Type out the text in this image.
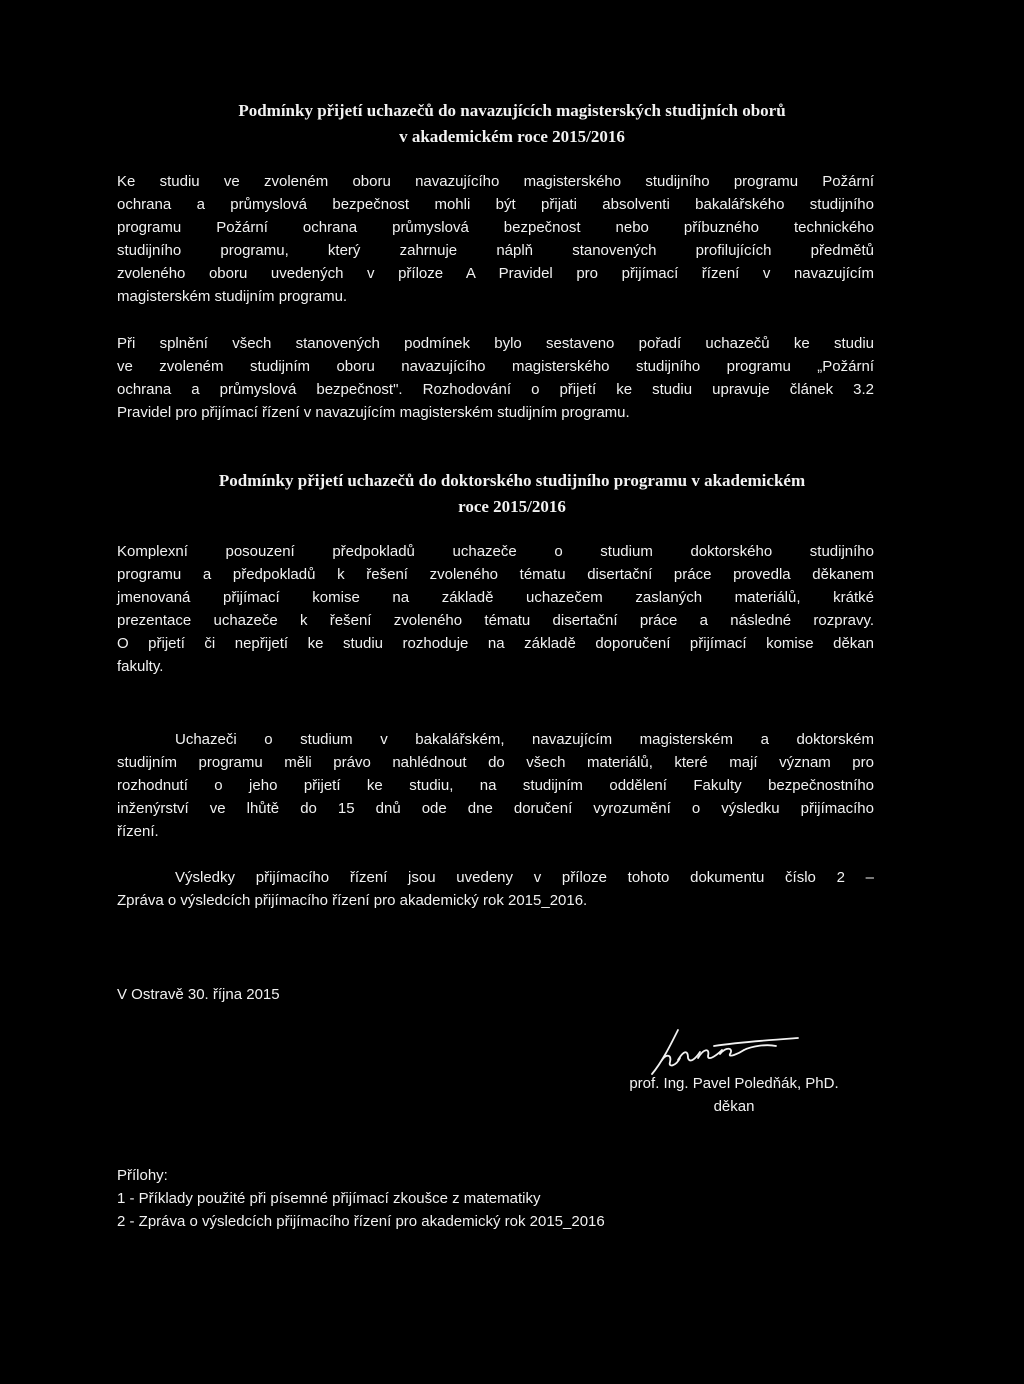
Podmínky přijetí uchazečů do navazujících magisterských studijních oborů
v akademickém roce 2015/2016
Ke studiu ve zvoleném oboru navazujícího magisterského studijního programu Požární
ochrana a průmyslová bezpečnost mohli být přijati absolventi bakalářského studijního
programu Požární ochrana průmyslová bezpečnost nebo příbuzného technického
studijního programu, který zahrnuje náplň stanovených profilujících předmětů
zvoleného oboru uvedených v příloze A Pravidel pro přijímací řízení v navazujícím
magisterském studijním programu.
Při splnění všech stanovených podmínek bylo sestaveno pořadí uchazečů ke studiu
ve zvoleném studijním oboru navazujícího magisterského studijního programu „Požární
ochrana a průmyslová bezpečnost". Rozhodování o přijetí ke studiu upravuje článek 3.2
Pravidel pro přijímací řízení v navazujícím magisterském studijním programu.
Podmínky přijetí uchazečů do doktorského studijního programu v akademickém
roce 2015/2016
Komplexní posouzení předpokladů uchazeče o studium doktorského studijního
programu a předpokladů k řešení zvoleného tématu disertační práce provedla děkanem
jmenovaná přijímací komise na základě uchazečem zaslaných materiálů, krátké
prezentace uchazeče k řešení zvoleného tématu disertační práce a následné rozpravy.
O přijetí či nepřijetí ke studiu rozhoduje na základě doporučení přijímací komise děkan
fakulty.
Uchazeči o studium v bakalářském, navazujícím magisterském a doktorském
studijním programu měli právo nahlédnout do všech materiálů, které mají význam pro
rozhodnutí o jeho přijetí ke studiu, na studijním oddělení Fakulty bezpečnostního
inženýrství ve lhůtě do 15 dnů ode dne doručení vyrozumění o výsledku přijímacího
řízení.
Výsledky přijímacího řízení jsou uvedeny v příloze tohoto dokumentu číslo 2 –
Zpráva o výsledcích přijímacího řízení pro akademický rok 2015_2016.

V Ostravě 30. října 2015

prof. Ing. Pavel Poledňák, PhD.
děkan

Přílohy:
1 - Příklady použité při písemné přijímací zkoušce z matematiky
2 - Zpráva o výsledcích přijímacího řízení pro akademický rok 2015_2016
